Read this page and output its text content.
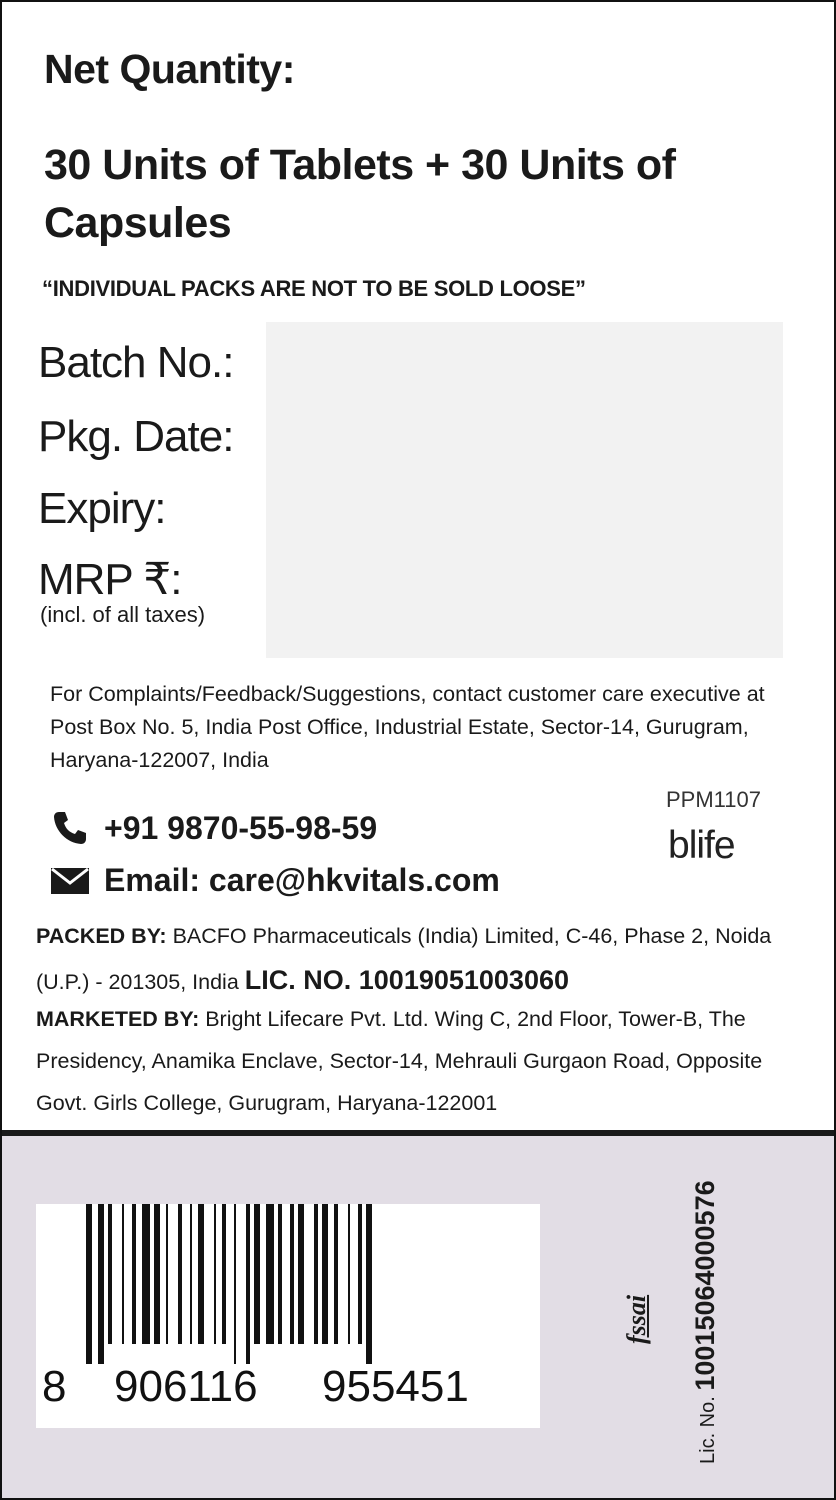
Net Quantity:
30 Units of Tablets + 30 Units of Capsules
“INDIVIDUAL PACKS ARE NOT TO BE SOLD LOOSE”
Batch No.:
Pkg. Date:
Expiry:
MRP ₹:
(incl. of all taxes)
For Complaints/Feedback/Suggestions, contact customer care executive at Post Box No. 5, India Post Office, Industrial Estate, Sector-14, Gurugram, Haryana-122007, India
+91 9870-55-98-59
Email: care@hkvitals.com
PPM1107
blife
PACKED BY: BACFO Pharmaceuticals (India) Limited, C-46, Phase 2, Noida (U.P.) - 201305, India LIC. NO. 10019051003060
MARKETED BY: Bright Lifecare Pvt. Ltd. Wing C, 2nd Floor, Tower-B, The Presidency, Anamika Enclave, Sector-14, Mehrauli Gurgaon Road, Opposite Govt. Girls College, Gurugram, Haryana-122001
8 906116 955451
fssai
Lic. No. 10015064000576
